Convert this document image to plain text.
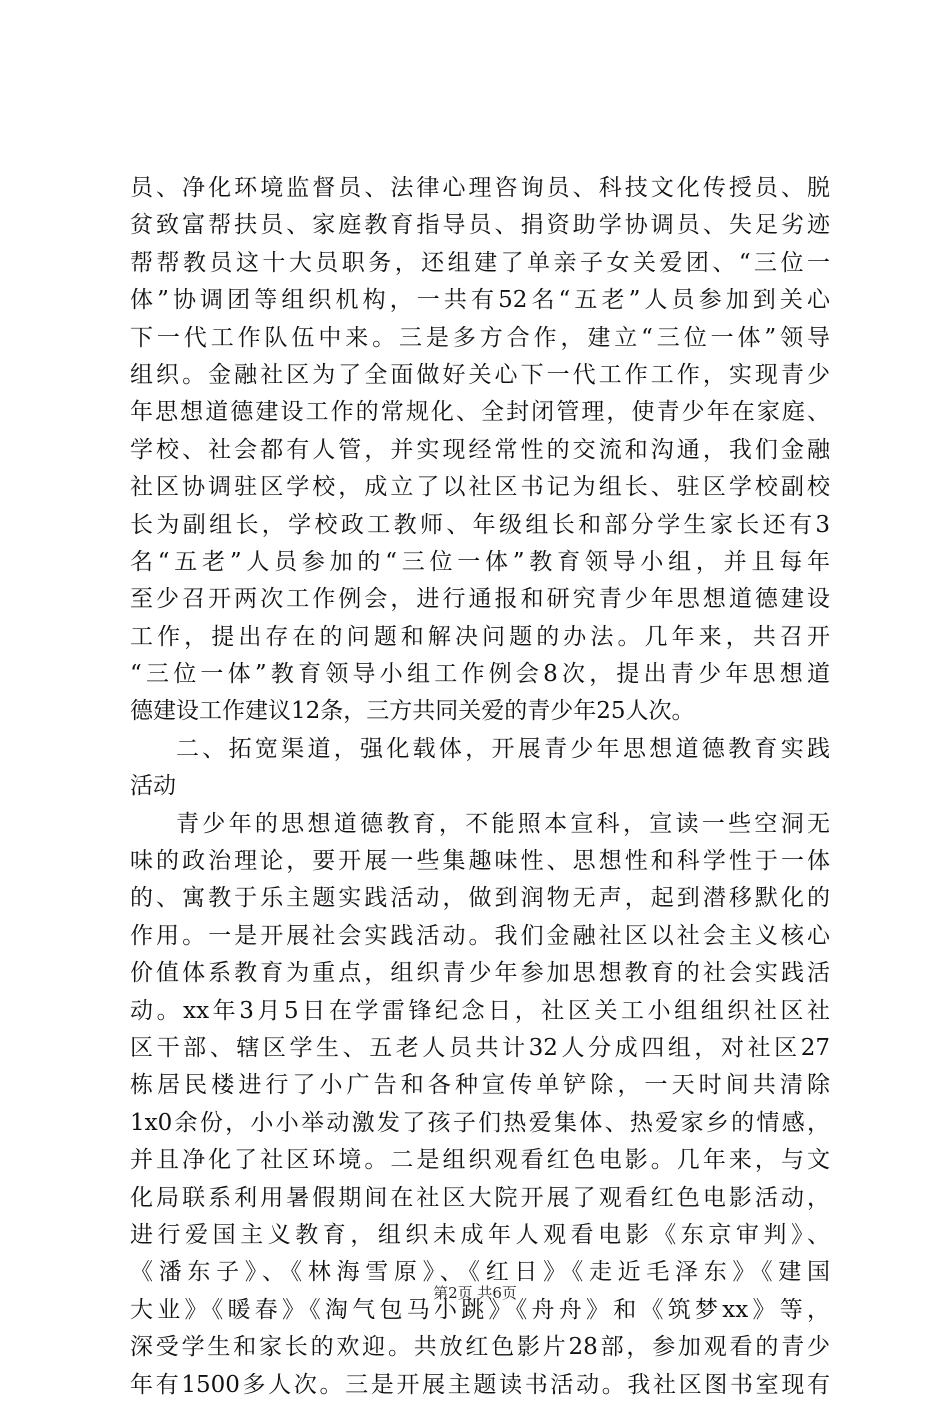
员、净化环境监督员、法律心理咨询员、科技文化传授员、脱
贫致富帮扶员、家庭教育指导员、捐资助学协调员、失足劣迹
帮帮教员这十大员职务，还组建了单亲子女关爱团、“三位一
体”协调团等组织机构，一共有52名“五老”人员参加到关心
下一代工作队伍中来。三是多方合作，建立“三位一体”领导
组织。金融社区为了全面做好关心下一代工作工作，实现青少
年思想道德建设工作的常规化、全封闭管理，使青少年在家庭、
学校、社会都有人管，并实现经常性的交流和沟通，我们金融
社区协调驻区学校，成立了以社区书记为组长、驻区学校副校
长为副组长，学校政工教师、年级组长和部分学生家长还有3
名“五老”人员参加的“三位一体”教育领导小组，并且每年
至少召开两次工作例会，进行通报和研究青少年思想道德建设
工作，提出存在的问题和解决问题的办法。几年来，共召开
“三位一体”教育领导小组工作例会8次，提出青少年思想道
德建设工作建议12条，三方共同关爱的青少年25人次。
二、拓宽渠道，强化载体，开展青少年思想道德教育实践
活动
青少年的思想道德教育，不能照本宣科，宣读一些空洞无
味的政治理论，要开展一些集趣味性、思想性和科学性于一体
的、寓教于乐主题实践活动，做到润物无声，起到潜移默化的
作用。一是开展社会实践活动。我们金融社区以社会主义核心
价值体系教育为重点，组织青少年参加思想教育的社会实践活
动。xx年3月5日在学雷锋纪念日，社区关工小组组织社区社
区干部、辖区学生、五老人员共计32人分成四组，对社区27
栋居民楼进行了小广告和各种宣传单铲除，一天时间共清除
1x0余份，小小举动激发了孩子们热爱集体、热爱家乡的情感，
并且净化了社区环境。二是组织观看红色电影。几年来，与文
化局联系利用暑假期间在社区大院开展了观看红色电影活动，
进行爱国主义教育，组织未成年人观看电影《东京审判》、
《潘东子》、《林海雪原》、《红日》《走近毛泽东》《建国
大业》《暖春》《淘气包马小跳》《舟舟》和《筑梦xx》等，
深受学生和家长的欢迎。共放红色影片28部，参加观看的青少
年有1500多人次。三是开展主题读书活动。我社区图书室现有
第2页 共6页
